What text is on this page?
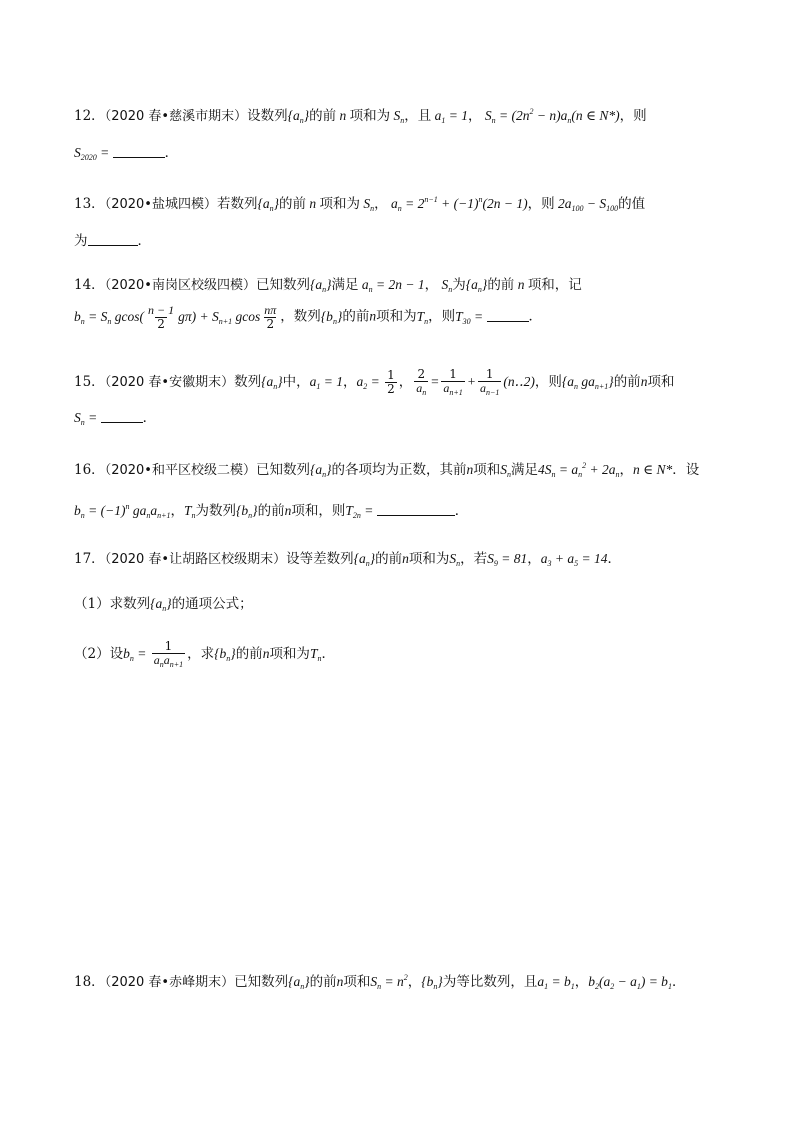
12．（2020 春•慈溪市期末）设数列$\{a_n\}$的前 n 项和为 $S_n$，且 $a_1 = 1$， $S_n = (2n^2 - n)a_n(n$ ∈ N*)，则
$S_{2020}$ =	．
13．（2020•盐城四模）若数列$\{a_n\}$的前 n 项和为 $S_n$， $a_n = 2^{n-1} + (-1)^n(2n - 1)$，则 $2a_{100} - S_{100}$的值
为	．
14．（2020•南岗区校级四模）已知数列$\{a_n\}$满足 $a_n = 2n - 1$， $S_n$为$\{a_n\}$的前 n 项和，记
$b_n = S_n$ $gcos( \frac{n - 1}{2} g\pi) + S_{n+1}$ gcos $\frac{n\pi}{2}$ ，数列$\{b_n\}$的前n项和为$T_n$，则$T_{30}$ =	．
15．（2020 春•安徽期末）数列$\{a_n\}$中，$a_1 = 1$，$a_2 = \frac{1}{2}$ ， $\frac{2}{a_n} = \frac{1}{a_{n+1}} + \frac{1}{a_{n-1}}$ (n‥2)，则{$a_n$ $ga_{n+1}$}的前n项和
$S_n$ =	．
16．（2020•和平区校级二模）已知数列$\{a_n\}$的各项均为正数，其前n项和$S_n$满足$4S_n = a_n^2 + 2a_n$，n ∈ N*．设
$b_n = (-1)^n$ $ga_na_{n+1}$，$T_n$为数列$\{b_n\}$的前n项和，则$T_{2n}$ =	．
17．（2020 春•让胡路区校级期末）设等差数列$\{a_n\}$的前n项和为$S_n$，若$S_9 = 81$，$a_3 + a_5 = 14$．
（1）求数列$\{a_n\}$的通项公式；
（2）设$b_n = \frac{1}{a_na_{n+1}}$ ，求$\{b_n\}$的前n项和为$T_n$．
18．（2020 春•赤峰期末）已知数列$\{a_n\}$的前n项和$S_n = n^2$，$\{b_n\}$为等比数列，且$a_1 = b_1$，$b_2(a_2 - a_1) = b_1$．
